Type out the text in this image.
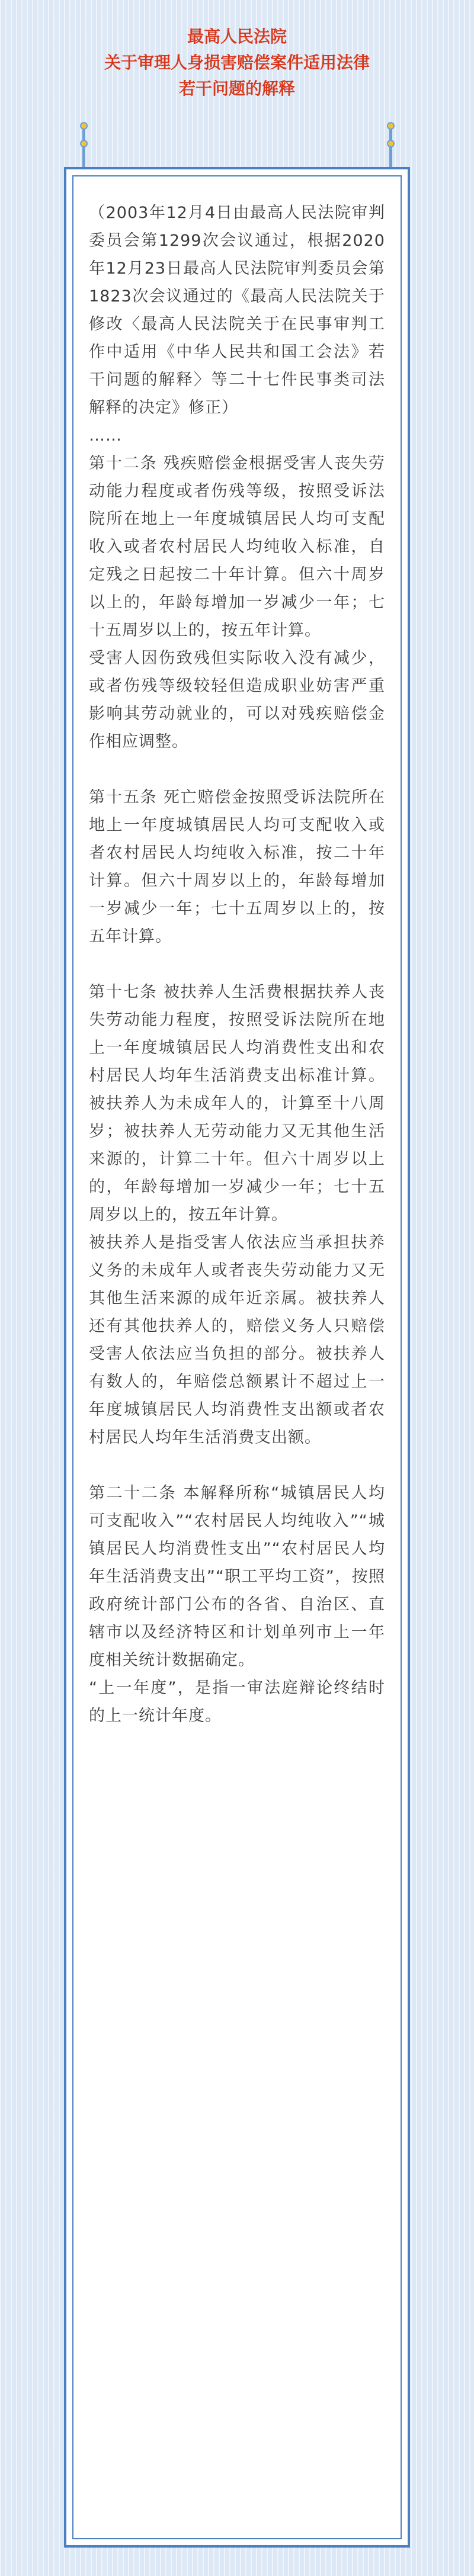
最高人民法院
关于审理人身损害赔偿案件适用法律
若干问题的解释

（2003年12月4日由最高人民法院审判委员会第1299次会议通过，根据2020年12月23日最高人民法院审判委员会第1823次会议通过的《最高人民法院关于修改〈最高人民法院关于在民事审判工作中适用《中华人民共和国工会法》若干问题的解释〉等二十七件民事类司法解释的决定》修正）

……

第十二条 残疾赔偿金根据受害人丧失劳动能力程度或者伤残等级，按照受诉法院所在地上一年度城镇居民人均可支配收入或者农村居民人均纯收入标准，自定残之日起按二十年计算。但六十周岁以上的，年龄每增加一岁减少一年；七十五周岁以上的，按五年计算。

受害人因伤致残但实际收入没有减少，或者伤残等级较轻但造成职业妨害严重影响其劳动就业的，可以对残疾赔偿金作相应调整。

第十五条 死亡赔偿金按照受诉法院所在地上一年度城镇居民人均可支配收入或者农村居民人均纯收入标准，按二十年计算。但六十周岁以上的，年龄每增加一岁减少一年；七十五周岁以上的，按五年计算。

第十七条 被扶养人生活费根据扶养人丧失劳动能力程度，按照受诉法院所在地上一年度城镇居民人均消费性支出和农村居民人均年生活消费支出标准计算。被扶养人为未成年人的，计算至十八周岁；被扶养人无劳动能力又无其他生活来源的，计算二十年。但六十周岁以上的，年龄每增加一岁减少一年；七十五周岁以上的，按五年计算。

被扶养人是指受害人依法应当承担扶养义务的未成年人或者丧失劳动能力又无其他生活来源的成年近亲属。被扶养人还有其他扶养人的，赔偿义务人只赔偿受害人依法应当负担的部分。被扶养人有数人的，年赔偿总额累计不超过上一年度城镇居民人均消费性支出额或者农村居民人均年生活消费支出额。

第二十二条 本解释所称“城镇居民人均可支配收入”“农村居民人均纯收入”“城镇居民人均消费性支出”“农村居民人均年生活消费支出”“职工平均工资”，按照政府统计部门公布的各省、自治区、直辖市以及经济特区和计划单列市上一年度相关统计数据确定。

“上一年度”，是指一审法庭辩论终结时的上一统计年度。
